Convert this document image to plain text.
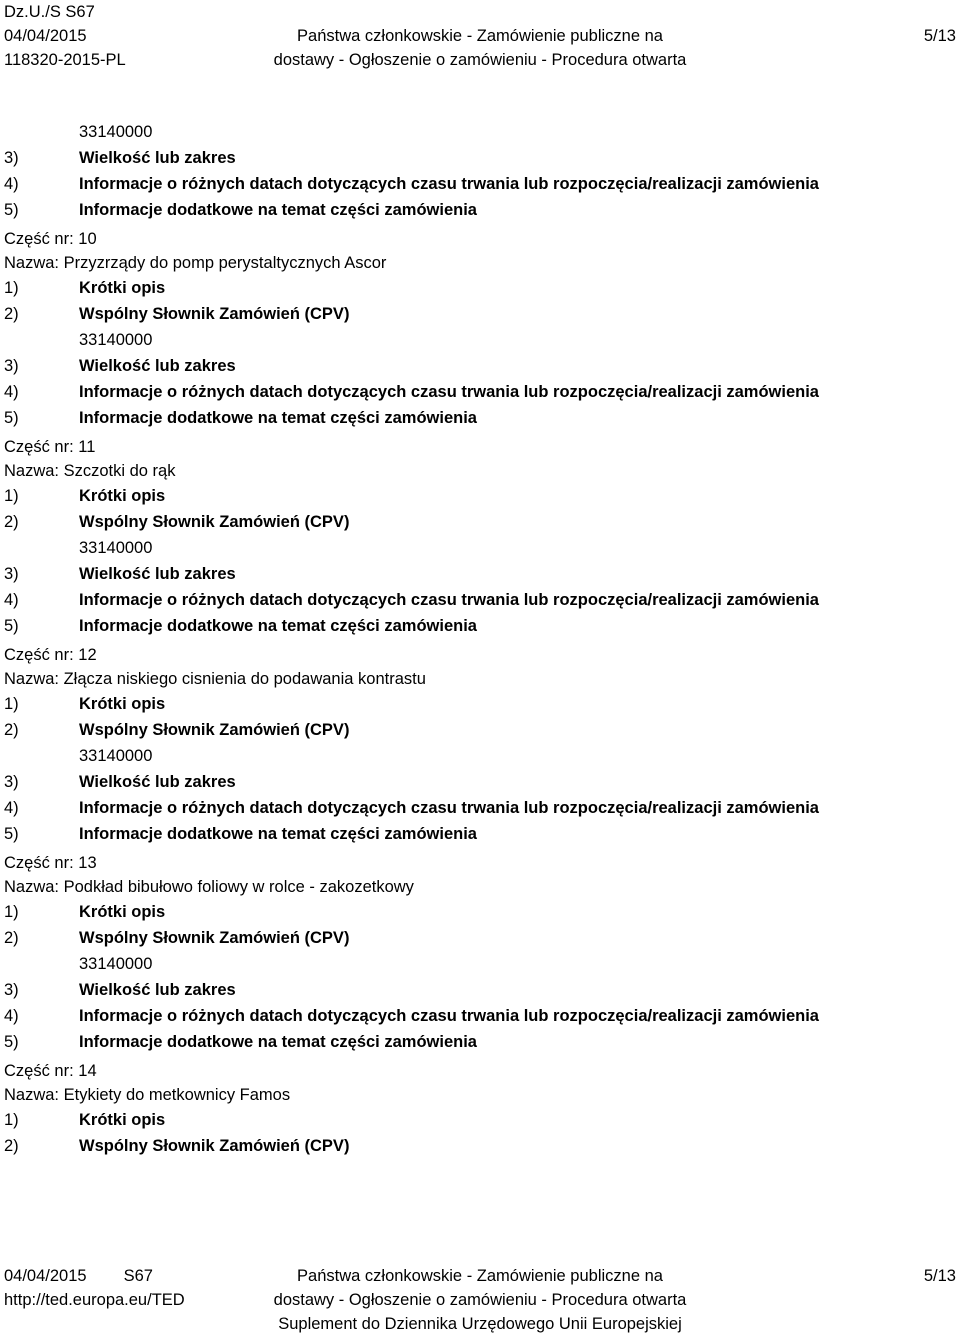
Dz.U./S S67
04/04/2015
118320-2015-PL
Państwa członkowskie - Zamówienie publiczne na
dostawy - Ogłoszenie o zamówieniu - Procedura otwarta
5/13
33140000
3)	Wielkość lub zakres
4)	Informacje o różnych datach dotyczących czasu trwania lub rozpoczęcia/realizacji zamówienia
5)	Informacje dodatkowe na temat części zamówienia
Część nr: 10
Nazwa: Przyzrządy do pomp perystaltycznych Ascor
1)	Krótki opis
2)	Wspólny Słownik Zamówień (CPV)
33140000
3)	Wielkość lub zakres
4)	Informacje o różnych datach dotyczących czasu trwania lub rozpoczęcia/realizacji zamówienia
5)	Informacje dodatkowe na temat części zamówienia
Część nr: 11
Nazwa: Szczotki do rąk
1)	Krótki opis
2)	Wspólny Słownik Zamówień (CPV)
33140000
3)	Wielkość lub zakres
4)	Informacje o różnych datach dotyczących czasu trwania lub rozpoczęcia/realizacji zamówienia
5)	Informacje dodatkowe na temat części zamówienia
Część nr: 12
Nazwa: Złącza niskiego cisnienia do podawania kontrastu
1)	Krótki opis
2)	Wspólny Słownik Zamówień (CPV)
33140000
3)	Wielkość lub zakres
4)	Informacje o różnych datach dotyczących czasu trwania lub rozpoczęcia/realizacji zamówienia
5)	Informacje dodatkowe na temat części zamówienia
Część nr: 13
Nazwa: Podkład bibułowo foliowy w rolce - zakozetkowy
1)	Krótki opis
2)	Wspólny Słownik Zamówień (CPV)
33140000
3)	Wielkość lub zakres
4)	Informacje o różnych datach dotyczących czasu trwania lub rozpoczęcia/realizacji zamówienia
5)	Informacje dodatkowe na temat części zamówienia
Część nr: 14
Nazwa: Etykiety do metkownicy Famos
1)	Krótki opis
2)	Wspólny Słownik Zamówień (CPV)
04/04/2015 S67
http://ted.europa.eu/TED
Państwa członkowskie - Zamówienie publiczne na
dostawy - Ogłoszenie o zamówieniu - Procedura otwarta
Suplement do Dziennika Urzędowego Unii Europejskiej
5/13
